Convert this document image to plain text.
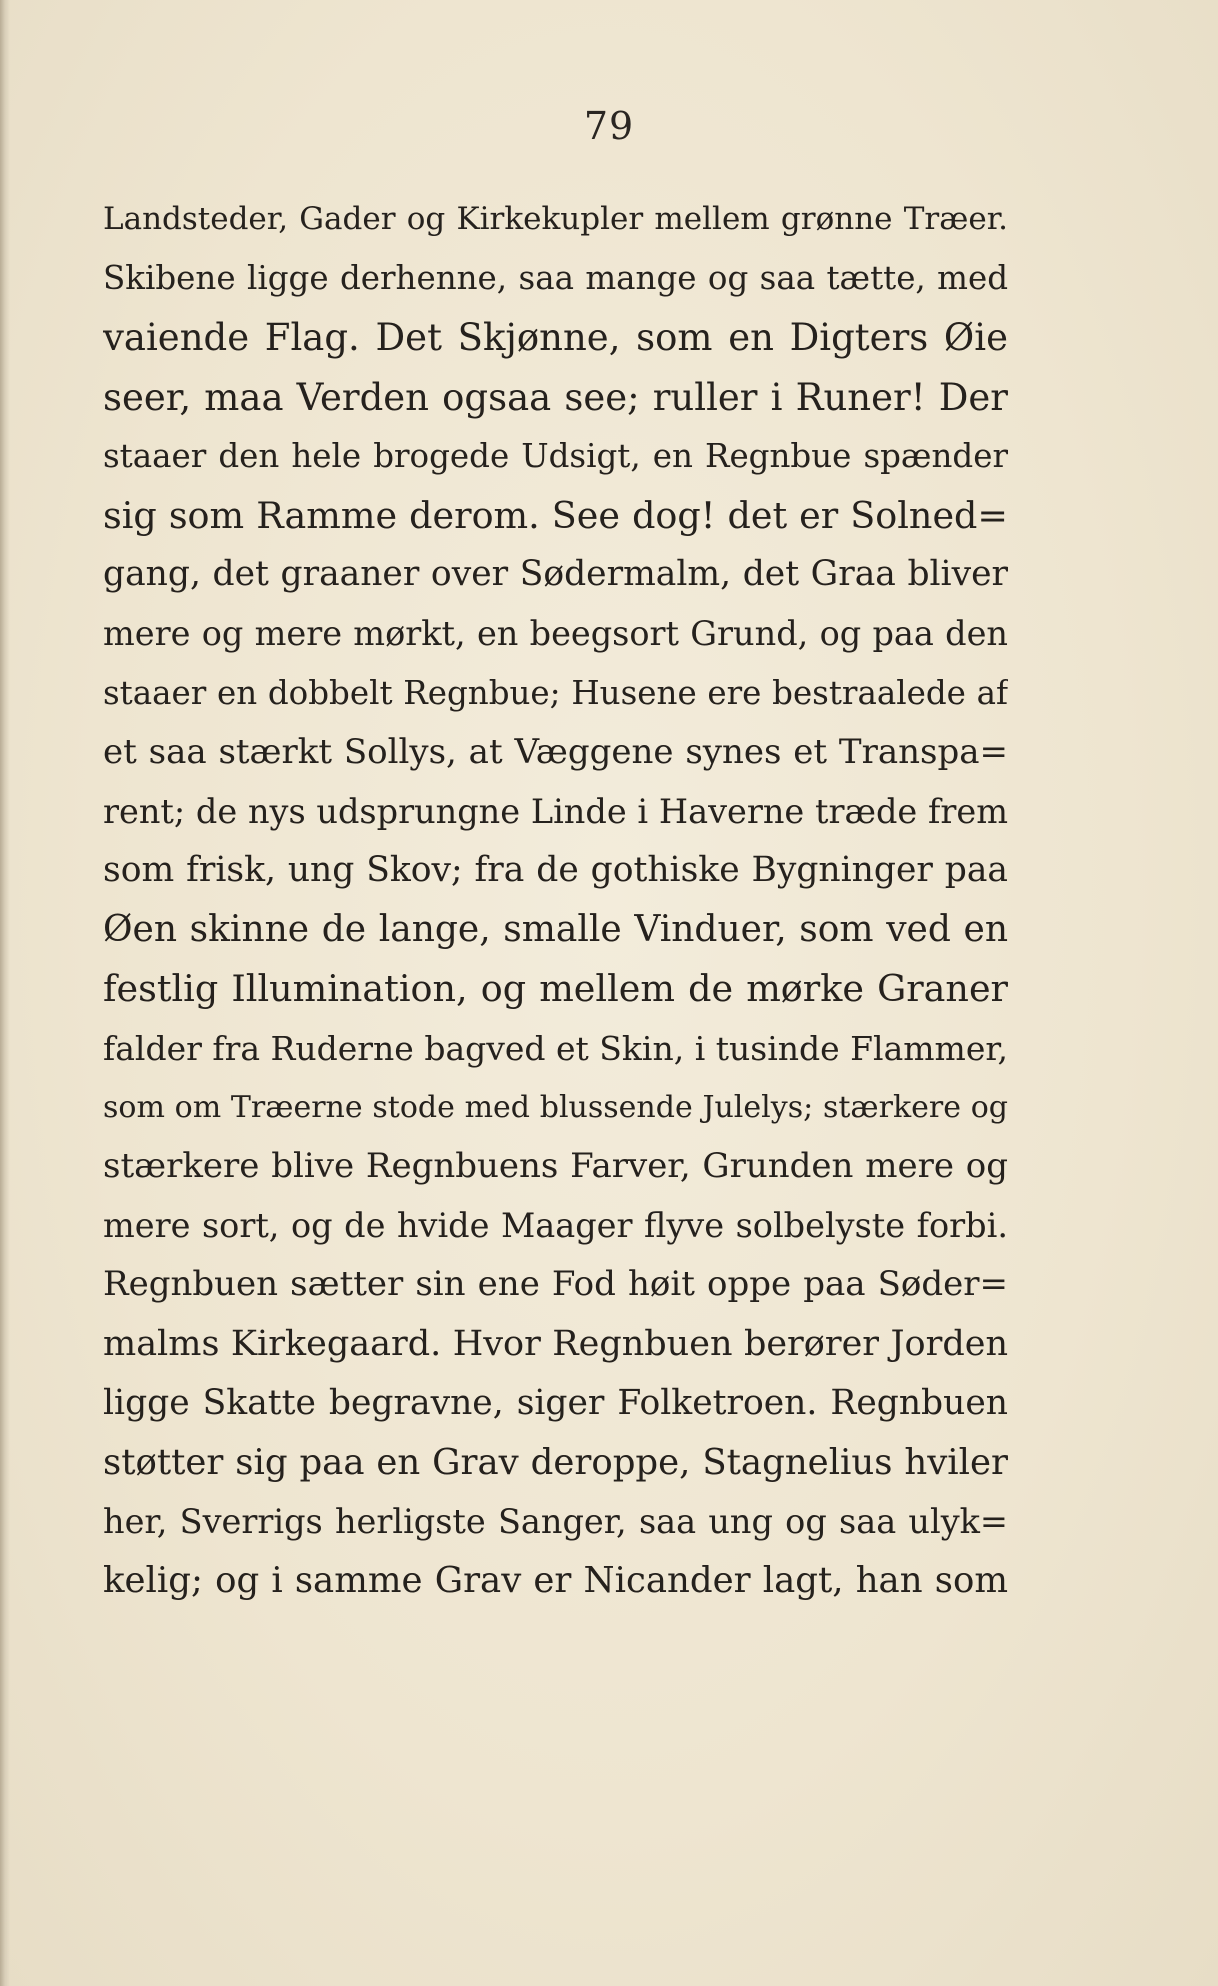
79
Landsteder, Gader og Kirkekupler mellem grønne Træer.
Skibene ligge derhenne, saa mange og saa tætte, med
vaiende Flag. Det Skjønne, som en Digters Øie
seer, maa Verden ogsaa see; ruller i Runer! Der
staaer den hele brogede Udsigt, en Regnbue spænder
sig som Ramme derom. See dog! det er Solned=
gang, det graaner over Sødermalm, det Graa bliver
mere og mere mørkt, en beegsort Grund, og paa den
staaer en dobbelt Regnbue; Husene ere bestraalede af
et saa stærkt Sollys, at Væggene synes et Transpa=
rent; de nys udsprungne Linde i Haverne træde frem
som frisk, ung Skov; fra de gothiske Bygninger paa
Øen skinne de lange, smalle Vinduer, som ved en
festlig Illumination, og mellem de mørke Graner
falder fra Ruderne bagved et Skin, i tusinde Flammer,
som om Træerne stode med blussende Julelys; stærkere og
stærkere blive Regnbuens Farver, Grunden mere og
mere sort, og de hvide Maager flyve solbelyste forbi.
Regnbuen sætter sin ene Fod høit oppe paa Søder=
malms Kirkegaard. Hvor Regnbuen berører Jorden
ligge Skatte begravne, siger Folketroen. Regnbuen
støtter sig paa en Grav deroppe, Stagnelius hviler
her, Sverrigs herligste Sanger, saa ung og saa ulyk=
kelig; og i samme Grav er Nicander lagt, han som
